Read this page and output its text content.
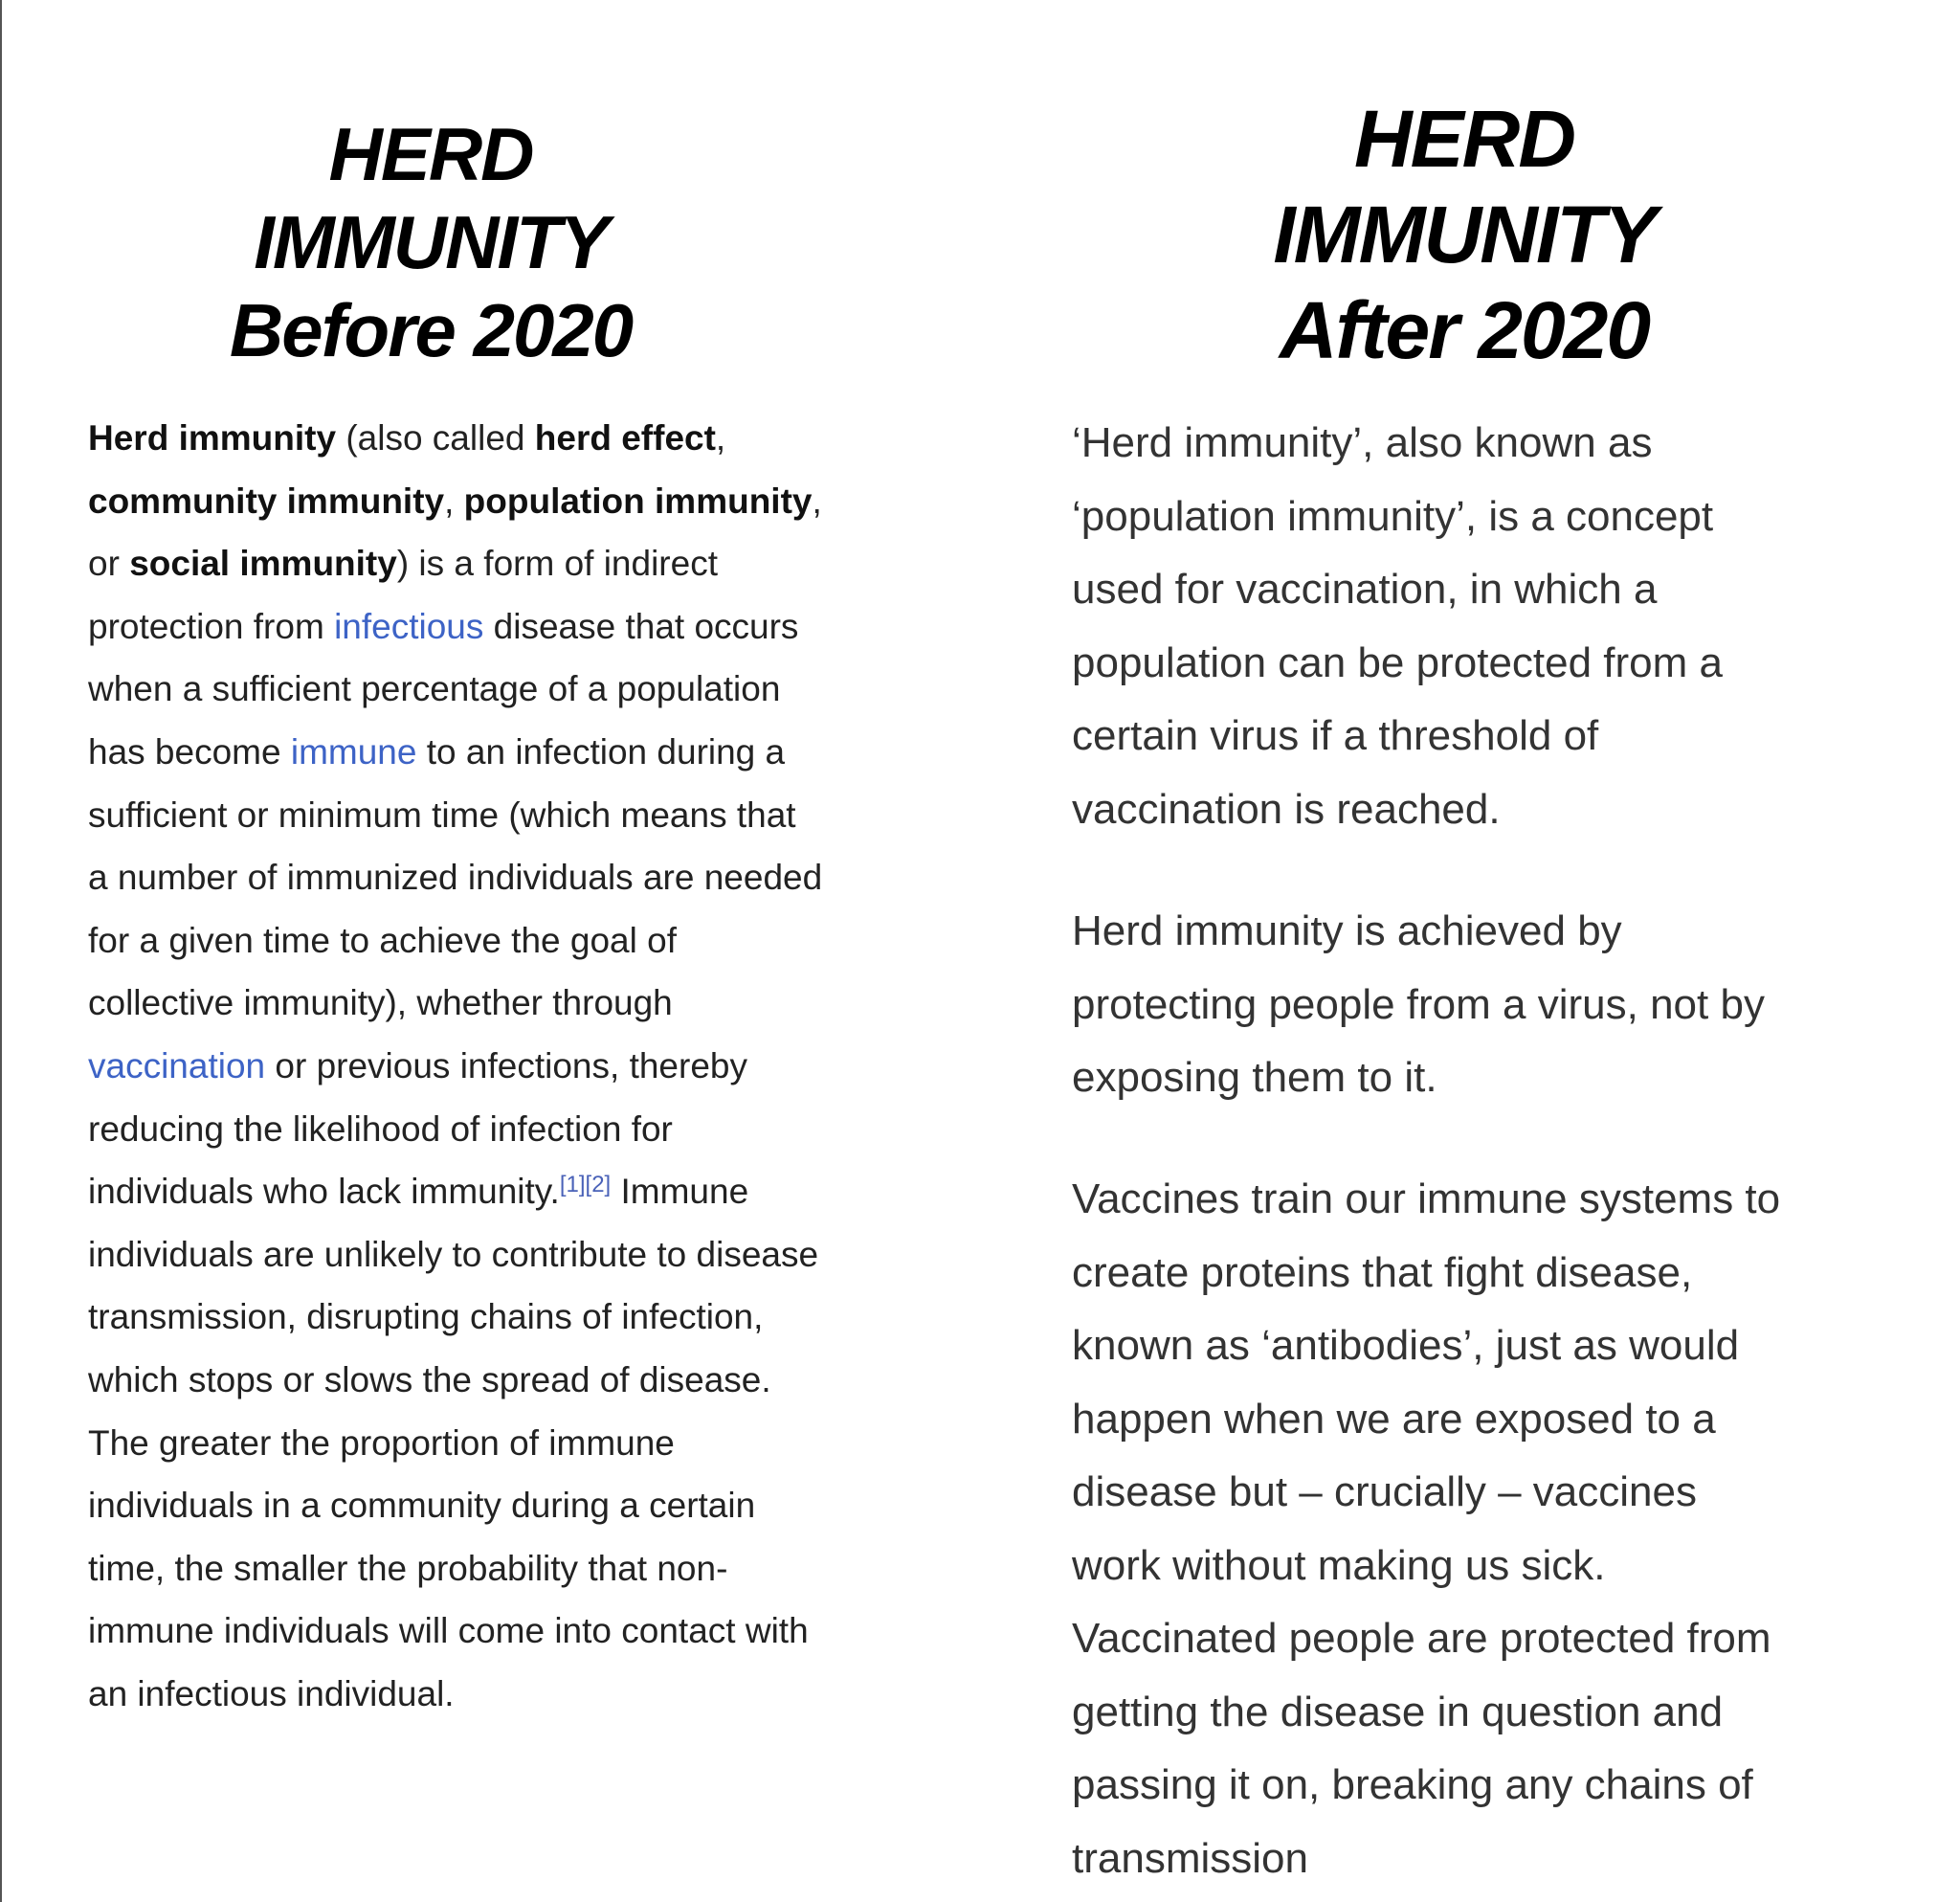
HERD
IMMUNITY
Before 2020
Herd immunity (also called herd effect,
community immunity, population immunity,
or social immunity) is a form of indirect
protection from infectious disease that occurs
when a sufficient percentage of a population
has become immune to an infection during a
sufficient or minimum time (which means that
a number of immunized individuals are needed
for a given time to achieve the goal of
collective immunity), whether through
vaccination or previous infections, thereby
reducing the likelihood of infection for
individuals who lack immunity.[1][2] Immune
individuals are unlikely to contribute to disease
transmission, disrupting chains of infection,
which stops or slows the spread of disease.
The greater the proportion of immune
individuals in a community during a certain
time, the smaller the probability that non-
immune individuals will come into contact with
an infectious individual.
HERD
IMMUNITY
After 2020
‘Herd immunity’, also known as
‘population immunity’, is a concept
used for vaccination, in which a
population can be protected from a
certain virus if a threshold of
vaccination is reached.
Herd immunity is achieved by
protecting people from a virus, not by
exposing them to it.
Vaccines train our immune systems to
create proteins that fight disease,
known as ‘antibodies’, just as would
happen when we are exposed to a
disease but – crucially – vaccines
work without making us sick.
Vaccinated people are protected from
getting the disease in question and
passing it on, breaking any chains of
transmission
